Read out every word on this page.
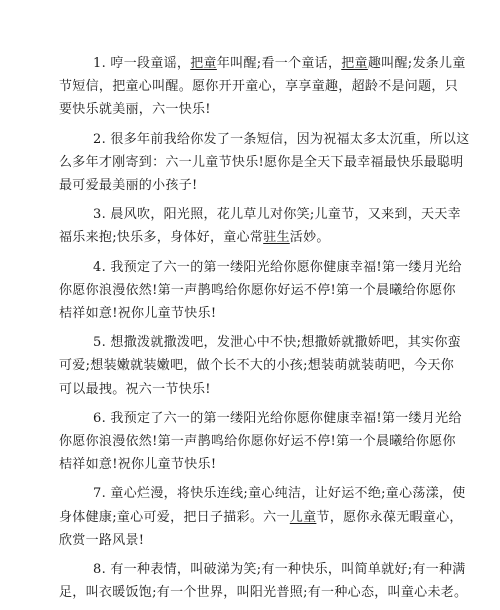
1. 哼一段童谣，把童年叫醒;看一个童话，把童趣叫醒;发条儿童
节短信，把童心叫醒。愿你开开童心，享享童趣，超龄不是问题，只
要快乐就美丽，六一快乐!
2. 很多年前我给你发了一条短信，因为祝福太多太沉重，所以这
么多年才刚寄到：六一儿童节快乐!愿你是全天下最幸福最快乐最聪明
最可爱最美丽的小孩子!
3. 晨风吹，阳光照，花儿草儿对你笑;儿童节，又来到，天天幸
福乐来抱;快乐多，身体好，童心常驻生活妙。
4. 我预定了六一的第一缕阳光给你愿你健康幸福!第一缕月光给
你愿你浪漫依然!第一声鹊鸣给你愿你好运不停!第一个晨曦给你愿你
桔祥如意!祝你儿童节快乐!
5. 想撒泼就撒泼吧，发泄心中不快;想撒娇就撒娇吧，其实你蛮
可爱;想装嫩就装嫩吧，做个长不大的小孩;想装萌就装萌吧，今天你
可以最拽。祝六一节快乐!
6. 我预定了六一的第一缕阳光给你愿你健康幸福!第一缕月光给
你愿你浪漫依然!第一声鹊鸣给你愿你好运不停!第一个晨曦给你愿你
桔祥如意!祝你儿童节快乐!
7. 童心烂漫，将快乐连线;童心纯洁，让好运不绝;童心荡漾，使
身体健康;童心可爱，把日子描彩。六一儿童节，愿你永葆无暇童心，
欣赏一路风景!
8. 有一种表情，叫破涕为笑;有一种快乐，叫简单就好;有一种满
足，叫衣暖饭饱;有一个世界，叫阳光普照;有一种心态，叫童心未老。
